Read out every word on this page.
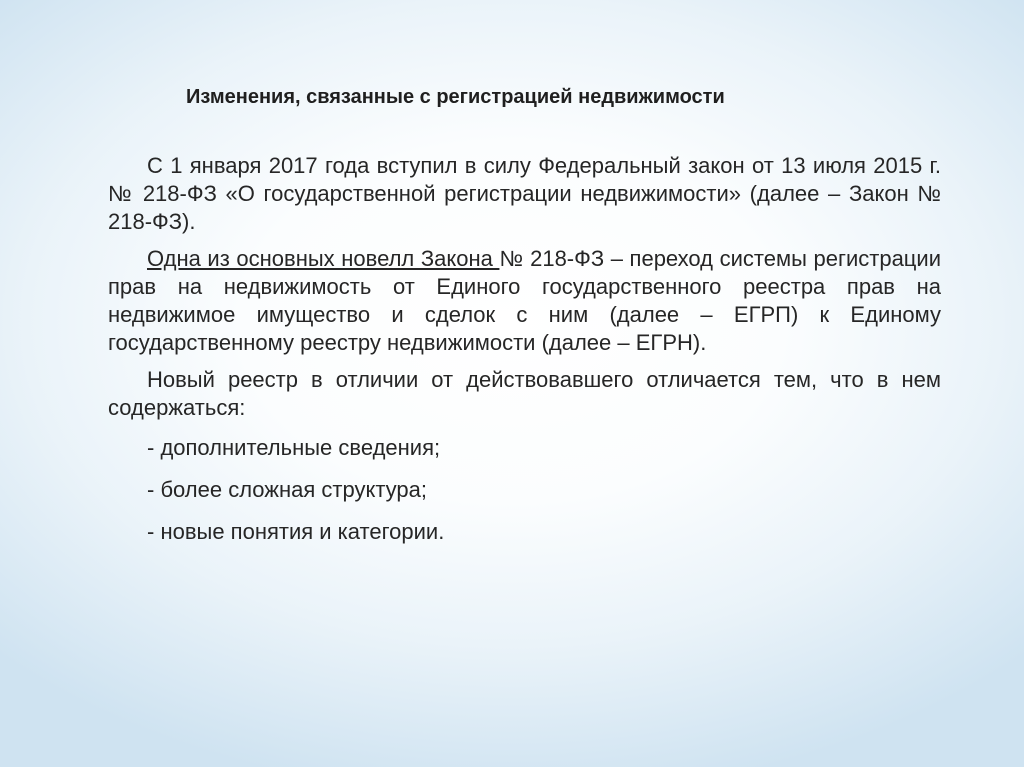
Изменения, связанные с регистрацией недвижимости

С 1 января 2017 года вступил в силу Федеральный закон от 13 июля 2015 г. № 218-ФЗ «О государственной регистрации недвижимости» (далее – Закон № 218-ФЗ).

Одна из основных новелл Закона № 218-ФЗ – переход системы регистрации прав на недвижимость от Единого государственного реестра прав на недвижимое имущество и сделок с ним (далее – ЕГРП) к Единому государственному реестру недвижимости (далее – ЕГРН).

Новый реестр в отличии от действовавшего отличается тем, что в нем содержаться:

- дополнительные сведения;
- более сложная структура;
- новые понятия и категории.
